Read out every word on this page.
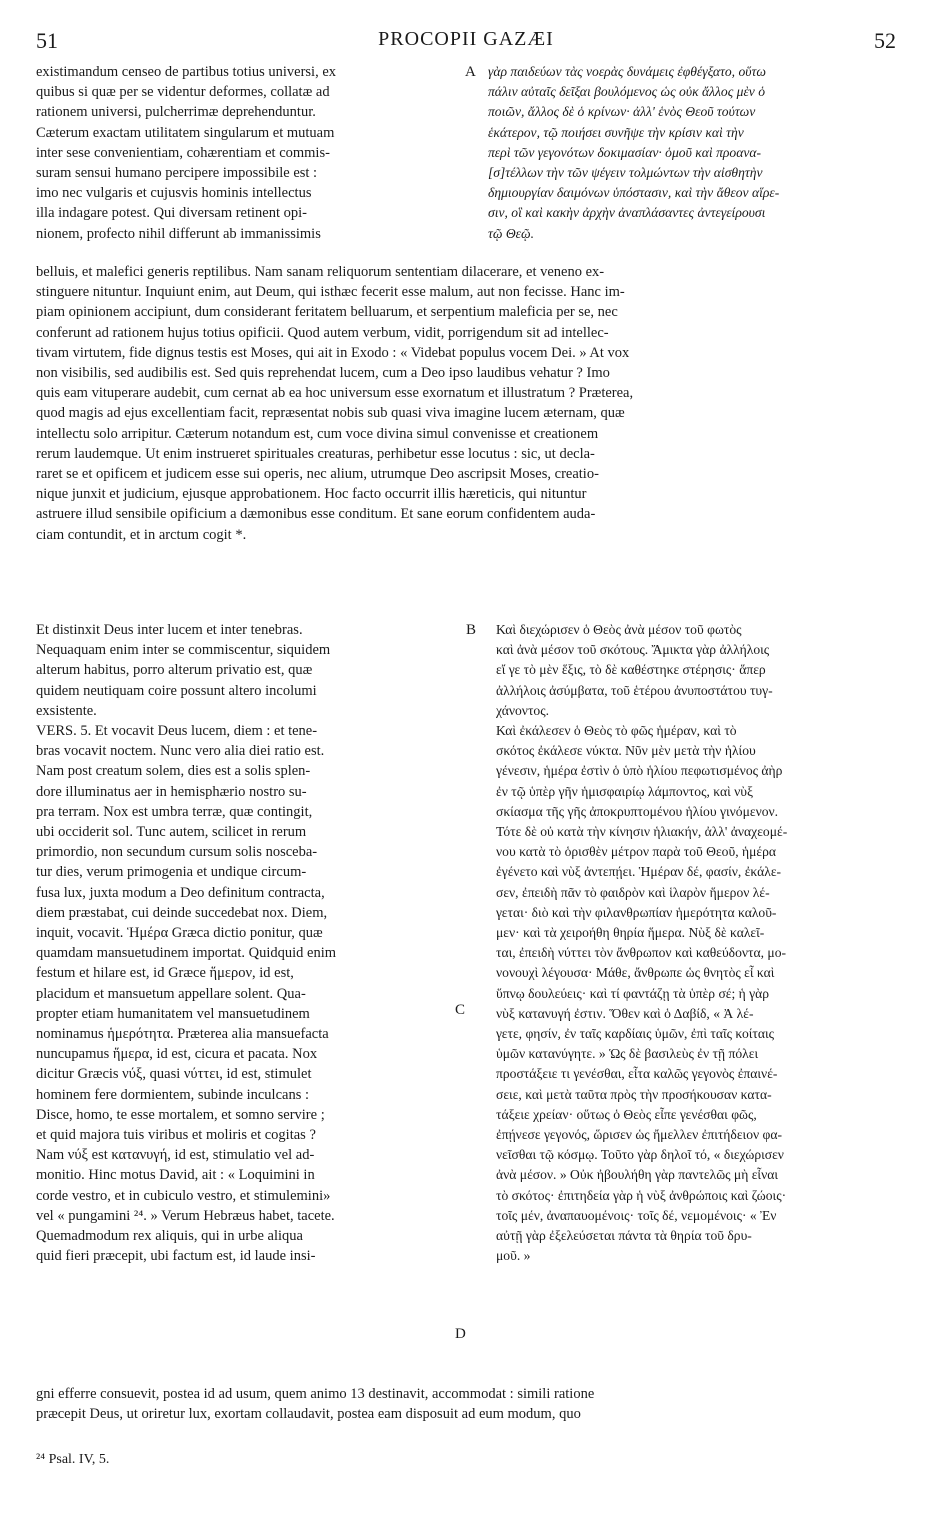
51	PROCOPII GAZÆI	52
existimandum censeo de partibus totius universi, ex
quibus si quæ per se videntur deformes, collatæ ad
rationem universi, pulcherrimæ deprehenduntur.
Cæterum exactam utilitatem singularum et mutuam
inter sese convenientiam, cohærentiam et commis-
suram sensui humano percipere impossibile est :
imo nec vulgaris et cujusvis hominis intellectus
illa indagare potest. Qui diversam retinent opi-
nionem, profecto nihil differunt ab immanissimis
A γὰρ παιδεύων τὰς νοερὰς δυνάμεις ἐφθέγξατο, οὕτω
πάλιν αὐταῖς δεῖξαι βουλόμενος ὡς οὐκ ἄλλος μὲν ὁ
ποιῶν, ἄλλος δὲ ὁ κρίνων· ἀλλ' ἑνὸς Θεοῦ τούτων
ἑκάτερον, τῷ ποιήσει συνῆψε τὴν κρίσιν καὶ τὴν
περὶ τῶν γεγονότων δοκιμασίαν· ὁμοῦ καὶ προανα-
[σ]τέλλων τὴν τῶν ψέγειν τολμώντων τὴν αἰσθητὴν
δημιουργίαν δαιμόνων ὑπόστασιν, καὶ τὴν ἄθεον αἵρε-
σιν, οἳ καὶ κακὴν ἀρχὴν ἀναπλάσαντες ἀντεγείρουσι
τῷ Θεῷ.
belluis, et malefici generis reptilibus. Nam sanam reliquorum sententiam dilacerare, et veneno ex-
stinguere nituntur. Inquiunt enim, aut Deum, qui isthæc fecerit esse malum, aut non fecisse. Hanc im-
piam opinionem accipiunt, dum considerant feritatem belluarum, et serpentium maleficia per se, nec
conferunt ad rationem hujus totius opificii. Quod autem verbum, vidit, porrigendum sit ad intellec-
tivam virtutem, fide dignus testis est Moses, qui ait in Exodo : « Videbat populus vocem Dei. » At vox
non visibilis, sed audibilis est. Sed quis reprehendat lucem, cum a Deo ipso laudibus vehatur ? Imo
quis eam vituperare audebit, cum cernat ab ea hoc universum esse exornatum et illustratum ? Præterea,
quod magis ad ejus excellentiam facit, repræsentat nobis sub quasi viva imagine lucem æternam, quæ
intellectu solo arripitur. Cæterum notandum est, cum voce divina simul convenisse et creationem
rerum laudemque. Ut enim instrueret spirituales creaturas, perhibetur esse locutus : sic, ut decla-
raret se et opificem et judicem esse sui operis, nec alium, utrumque Deo ascripsit Moses, creatio-
nique junxit et judicium, ejusque approbationem. Hoc facto occurrit illis hæreticis, qui nituntur
astruere illud sensibile opificium a dæmonibus esse conditum. Et sane eorum confidentem auda-
ciam contundit, et in arctum cogit *.
Et distinxit Deus inter lucem et inter tenebras.
Nequaquam enim inter se commiscentur, siquidem
alterum habitus, porro alterum privatio est, quæ
quidem neutiquam coire possunt altero incolumi
exsistente.
VERS. 5. Et vocavit Deus lucem, diem : et tene-
bras vocavit noctem. Nunc vero alia diei ratio est.
Nam post creatum solem, dies est a solis splen-
dore illuminatus aer in hemisphærio nostro su-
pra terram. Nox est umbra terræ, quæ contingit,
ubi occiderit sol. Tunc autem, scilicet in rerum
primordio, non secundum cursum solis nosceba-
tur dies, verum primogenia et undique circum-
fusa lux, juxta modum a Deo definitum contracta,
diem præstabat, cui deinde succedebat nox. Diem,
inquit, vocavit. Ἡμέρα Græca dictio ponitur, quæ
quamdam mansuetudinem importat. Quidquid enim
festum et hilare est, id Græce ἥμερον, id est,
placidum et mansuetum appellare solent. Qua-
propter etiam humanitatem vel mansuetudinem
nominamus ἡμερότητα. Præterea alia mansuefacta
nuncupamus ἥμερα, id est, cicura et pacata. Nox
dicitur Græcis νύξ, quasi νύττει, id est, stimulet
hominem fere dormientem, subinde inculcans :
Disce, homo, te esse mortalem, et somno servire ;
et quid majora tuis viribus et moliris et cogitas ?
Nam νύξ est κατανυγή, id est, stimulatio vel ad-
monitio. Hinc motus David, ait : « Loquimini in
corde vestro, et in cubiculo vestro, et stimulemini»
vel « pungamini ²⁴. » Verum Hebræus habet, tacete.
Quemadmodum rex aliquis, qui in urbe aliqua
quid fieri præcepit, ubi factum est, id laude insi-
B
C
D
Καὶ διεχώρισεν ὁ Θεὸς ἀνὰ μέσον τοῦ φωτὸς
καὶ ἀνὰ μέσον τοῦ σκότους. Ἄμικτα γὰρ ἀλλήλοις
εἴ γε τὸ μὲν ἕξις, τὸ δὲ καθέστηκε στέρησις· ἅπερ
ἀλλήλοις ἀσύμβατα, τοῦ ἑτέρου ἀνυποστάτου τυγ-
χάνοντος.
Καὶ ἐκάλεσεν ὁ Θεὸς τὸ φῶς ἡμέραν, καὶ τὸ
σκότος ἐκάλεσε νύκτα. Νῦν μὲν μετὰ τὴν ἡλίου
γένεσιν, ἡμέρα ἐστὶν ὁ ὑπὸ ἡλίου πεφωτισμένος ἀὴρ
ἐν τῷ ὑπὲρ γῆν ἡμισφαιρίῳ λάμποντος, καὶ νὺξ
σκίασμα τῆς γῆς ἀποκρυπτομένου ἡλίου γινόμενον.
Τότε δὲ οὐ κατὰ τὴν κίνησιν ἡλιακήν, ἀλλ' ἀναχεομέ-
νου κατὰ τὸ ὁρισθὲν μέτρον παρὰ τοῦ Θεοῦ, ἡμέρα
ἐγένετο καὶ νὺξ ἀντεπῄει. Ἡμέραν δέ, φασίν, ἐκάλε-
σεν, ἐπειδὴ πᾶν τὸ φαιδρὸν καὶ ἱλαρὸν ἥμερον λέ-
γεται· διὸ καὶ τὴν φιλανθρωπίαν ἡμερότητα καλοῦ-
μεν· καὶ τὰ χειροήθη θηρία ἥμερα. Νὺξ δὲ καλεῖ-
ται, ἐπειδὴ νύττει τὸν ἄνθρωπον καὶ καθεύδοντα, μο-
νονουχὶ λέγουσα· Μάθε, ἄνθρωπε ὡς θνητὸς εἶ καὶ
ὕπνῳ δουλεύεις· καὶ τί φαντάζῃ τὰ ὑπὲρ σέ; ἡ γὰρ
νὺξ κατανυγή ἐστιν. Ὅθεν καὶ ὁ Δαβίδ, « Ἀ λέ-
γετε, φησίν, ἐν ταῖς καρδίαις ὑμῶν, ἐπὶ ταῖς κοίταις
ὑμῶν κατανύγητε. » Ὡς δὲ βασιλεὺς ἐν τῇ πόλει
προστάξειε τι γενέσθαι, εἶτα καλῶς γεγονὸς ἐπαινέ-
σειε, καὶ μετὰ ταῦτα πρὸς τὴν προσήκουσαν κατα-
τάξειε χρείαν· οὕτως ὁ Θεὸς εἶπε γενέσθαι φῶς,
ἐπῄνεσε γεγονός, ὥρισεν ὡς ἤμελλεν ἐπιτήδειον φα-
νεῖσθαι τῷ κόσμῳ. Τοῦτο γὰρ δηλοῖ τό, « διεχώρισεν
ἀνὰ μέσον. » Οὐκ ἠβουλήθη γὰρ παντελῶς μὴ εἶναι
τὸ σκότος· ἐπιτηδεία γὰρ ἡ νὺξ ἀνθρώποις καὶ ζώοις·
τοῖς μέν, ἀναπαυομένοις· τοῖς δέ, νεμομένοις· « Ἐν
αὐτῇ γὰρ ἐξελεύσεται πάντα τὰ θηρία τοῦ δρυ-
μοῦ. »
gni efferre consuevit, postea id ad usum, quem animo 13 destinavit, accommodat : simili ratione
præcepit Deus, ut oriretur lux, exortam collaudavit, postea eam disposuit ad eum modum, quo
²⁴ Psal. IV, 5.
